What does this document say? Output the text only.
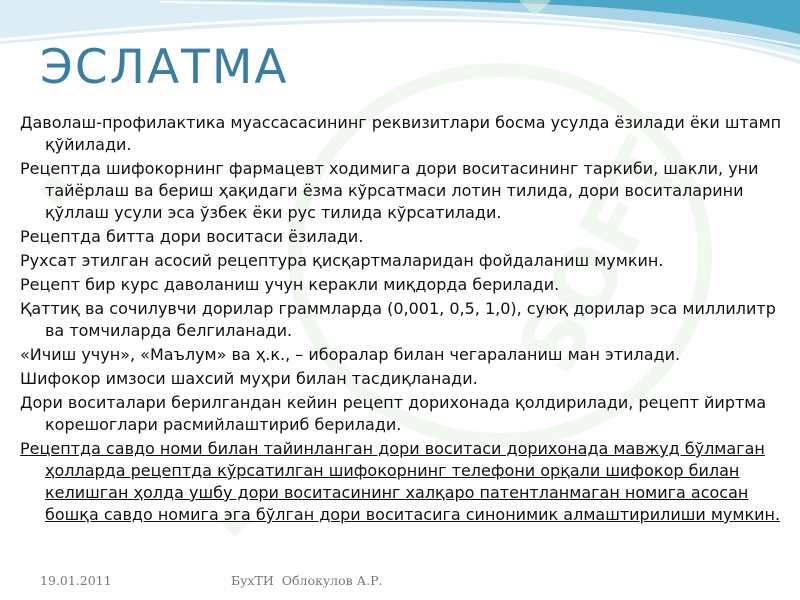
SOFT
ЭСЛАТМА
Даволаш-профилактика муассасасининг реквизитлари босма усулда ёзилади ёки штамп қўйилади.
Рецептда шифокорнинг фармацевт ходимига дори воситасининг таркиби, шакли, уни тайёрлаш ва бериш ҳақидаги ёзма кўрсатмаси лотин тилида, дори воситаларини қўллаш усули эса ўзбек ёки рус тилида кўрсатилади.
Рецептда битта дори воситаси ёзилади.
Рухсат этилган асосий рецептура қисқартмаларидан фойдаланиш мумкин.
Рецепт бир курс даволаниш учун керакли миқдорда берилади.
Қаттиқ ва сочилувчи дорилар граммларда (0,001, 0,5, 1,0), суюқ дорилар эса миллилитр ва томчиларда белгиланади.
«Ичиш учун», «Маълум» ва ҳ.к., – иборалар билан чегараланиш ман этилади.
Шифокор имзоси шахсий муҳри билан тасдиқланади.
Дори воситалари берилгандан кейин рецепт дорихонада қолдирилади, рецепт йиртма корешоглари расмийлаштириб берилади.
Рецептда савдо номи билан тайинланган дори воситаси дорихонада мавжуд бўлмаган ҳолларда рецептда кўрсатилган шифокорнинг телефони орқали шифокор билан келишган ҳолда ушбу дори воситасининг халқаро патентланмаган номига асосан бошқа савдо номига эга бўлган дори воситасига синонимик алмаштирилиши мумкин.
19.01.2011	БухТИ  Облокулов А.Р.
